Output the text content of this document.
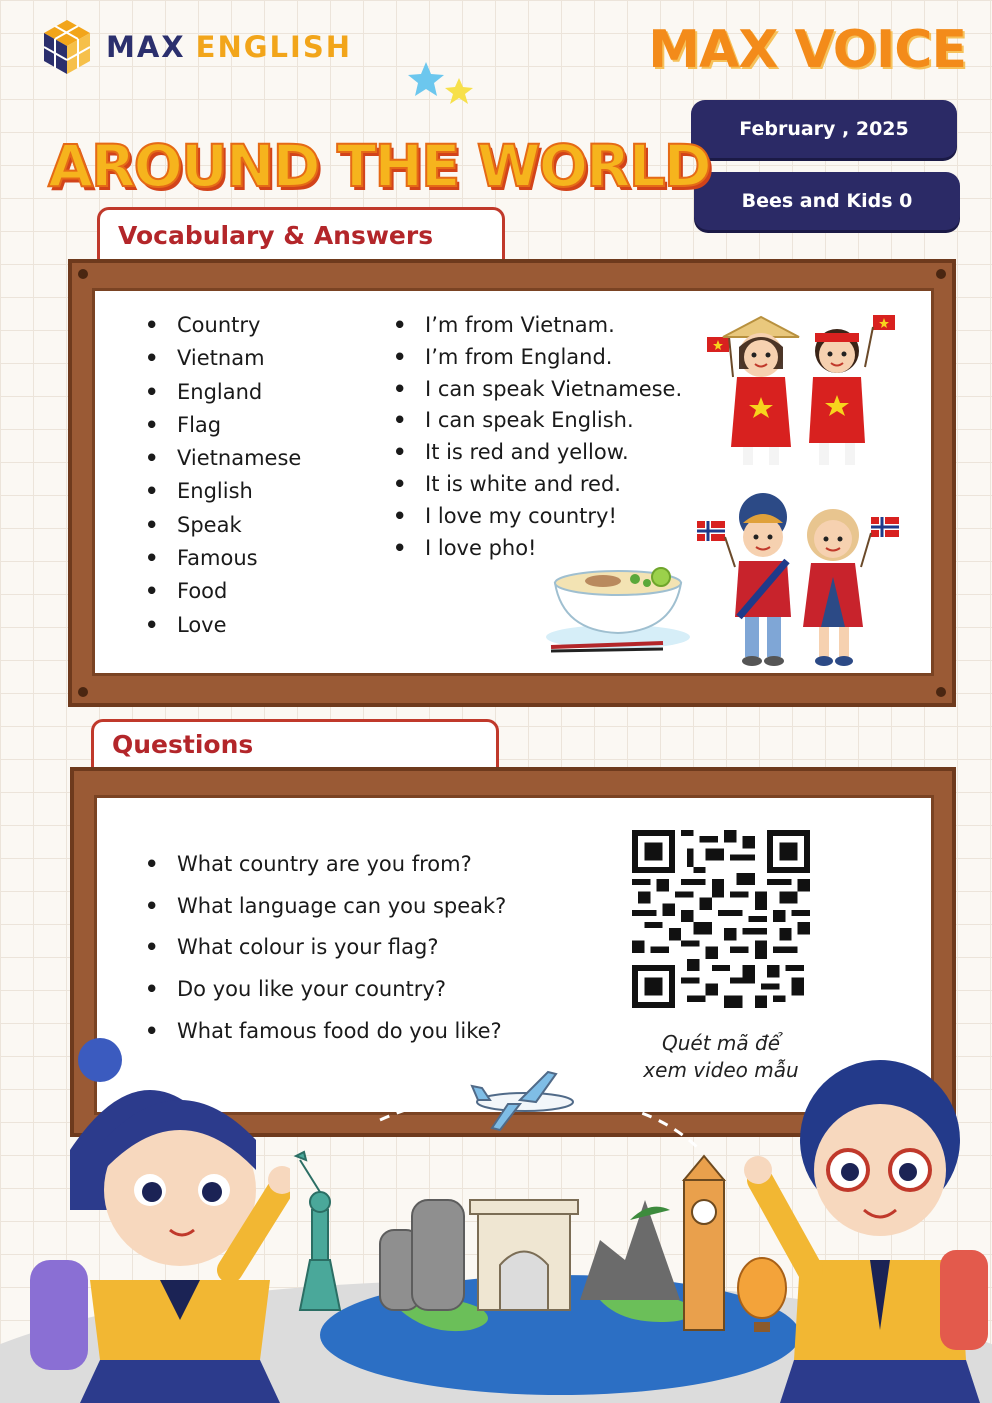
MAX ENGLISH	MAX VOICE
February , 2025
Bees and Kids 0
AROUND THE WORLD
Vocabulary & Answers
• Country
• Vietnam
• England
• Flag
• Vietnamese
• English
• Speak
• Famous
• Food
• Love
• I’m from Vietnam.
• I’m from England.
• I can speak Vietnamese.
• I can speak English.
• It is red and yellow.
• It is white and red.
• I love my country!
• I love pho!
Questions
• What country are you from?
• What language can you speak?
• What colour is your flag?
• Do you like your country?
• What famous food do you like?
Quét mã để
xem video mẫu
